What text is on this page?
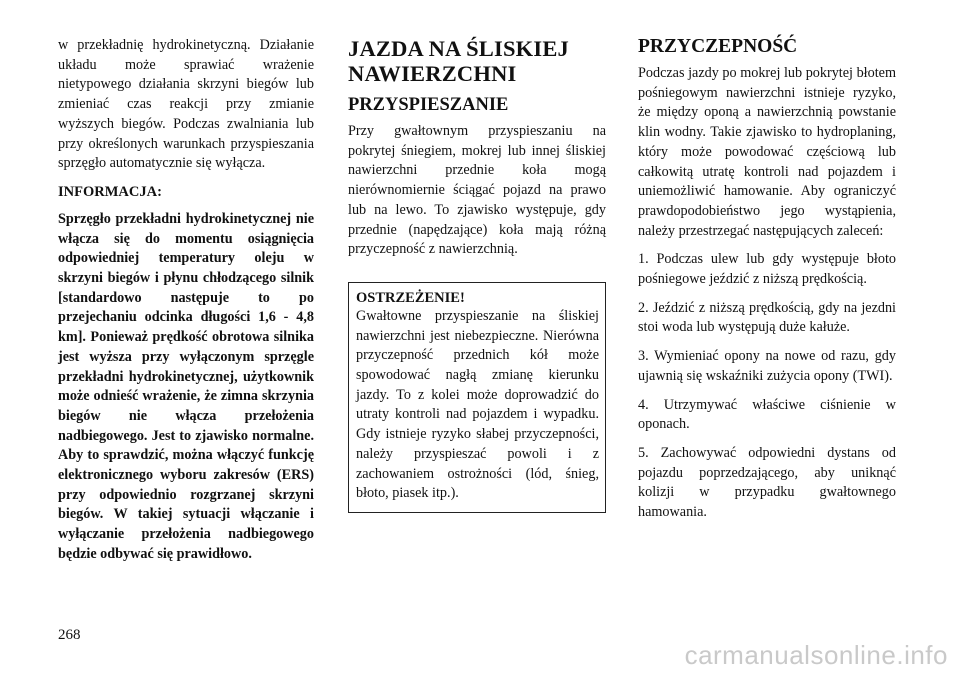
w przekładnię hydrokinetyczną. Działanie układu może sprawiać wrażenie nietypowego działania skrzyni biegów lub zmieniać czas reakcji przy zmianie wyższych biegów. Podczas zwalniania lub przy określonych warunkach przyspieszania sprzęgło automatycznie się wyłącza.

INFORMACJA:

Sprzęgło przekładni hydrokinetycznej nie włącza się do momentu osiągnięcia odpowiedniej temperatury oleju w skrzyni biegów i płynu chłodzącego silnik [standardowo następuje to po przejechaniu odcinka długości 1,6 - 4,8 km]. Ponieważ prędkość obrotowa silnika jest wyższa przy wyłączonym sprzęgle przekładni hydrokinetycznej, użytkownik może odnieść wrażenie, że zimna skrzynia biegów nie włącza przełożenia nadbiegowego. Jest to zjawisko normalne. Aby to sprawdzić, można włączyć funkcję elektronicznego wyboru zakresów (ERS) przy odpowiednio rozgrzanej skrzyni biegów. W takiej sytuacji włączanie i wyłączanie przełożenia nadbiegowego będzie odbywać się prawidłowo.

JAZDA NA ŚLISKIEJ NAWIERZCHNI
PRZYSPIESZANIE

Przy gwałtownym przyspieszaniu na pokrytej śniegiem, mokrej lub innej śliskiej nawierzchni przednie koła mogą nierównomiernie ściągać pojazd na prawo lub na lewo. To zjawisko występuje, gdy przednie (napędzające) koła mają różną przyczepność z nawierzchnią.

OSTRZEŻENIE!

Gwałtowne przyspieszanie na śliskiej nawierzchni jest niebezpieczne. Nierówna przyczepność przednich kół może spowodować nagłą zmianę kierunku jazdy. To z kolei może doprowadzić do utraty kontroli nad pojazdem i wypadku. Gdy istnieje ryzyko słabej przyczepności, należy przyspieszać powoli i z zachowaniem ostrożności (lód, śnieg, błoto, piasek itp.).

PRZYCZEPNOŚĆ

Podczas jazdy po mokrej lub pokrytej błotem pośniegowym nawierzchni istnieje ryzyko, że między oponą a nawierzchnią powstanie klin wodny. Takie zjawisko to hydroplaning, który może powodować częściową lub całkowitą utratę kontroli nad pojazdem i uniemożliwić hamowanie. Aby ograniczyć prawdopodobieństwo jego wystąpienia, należy przestrzegać następujących zaleceń:

1. Podczas ulew lub gdy występuje błoto pośniegowe jeździć z niższą prędkością.

2. Jeździć z niższą prędkością, gdy na jezdni stoi woda lub występują duże kałuże.

3. Wymieniać opony na nowe od razu, gdy ujawnią się wskaźniki zużycia opony (TWI).

4. Utrzymywać właściwe ciśnienie w oponach.

5. Zachowywać odpowiedni dystans od pojazdu poprzedzającego, aby uniknąć kolizji w przypadku gwałtownego hamowania.

268
carmanualsonline.info
